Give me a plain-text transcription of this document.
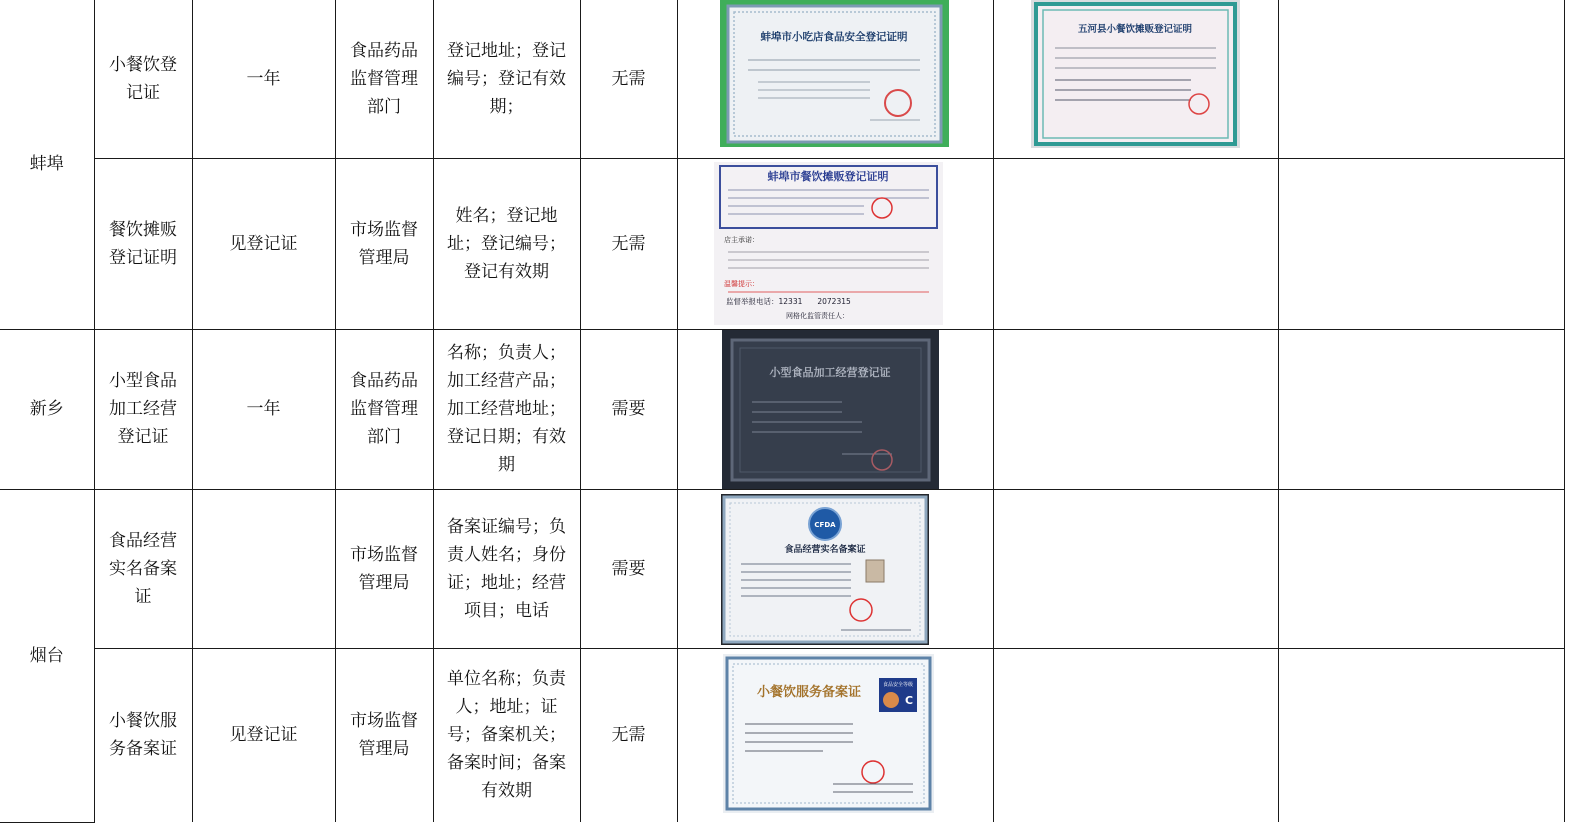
蚌埠	小餐饮登记证	一年	食品药品监督管理部门	登记地址；登记编号；登记有效期；	无需	蚌埠市小吃店食品安全登记证明	五河县小餐饮摊贩登记证明	

	餐饮摊贩登记证明	见登记证	市场监督管理局	姓名；登记地址；登记编号；登记有效期	无需	蚌埠市餐饮摊贩登记证明
店主承诺：
温馨提示：
监督举报电话：12331　　2072315
网格化监管责任人：		

新乡	小型食品加工经营登记证	一年	食品药品监督管理部门	名称；负责人；加工经营产品；加工经营地址；登记日期；有效期	需要	小型食品加工经营登记证		

烟台	食品经营实名备案证		市场监督管理局	备案证编号；负责人姓名；身份证；地址；经营项目；电话	需要	CFDA
食品经营实名备案证		

	小餐饮服务备案证	见登记证	市场监督管理局	单位名称；负责人；地址；证号；备案机关；备案时间；备案有效期	无需	小餐饮服务备案证 食品安全等级
C		
